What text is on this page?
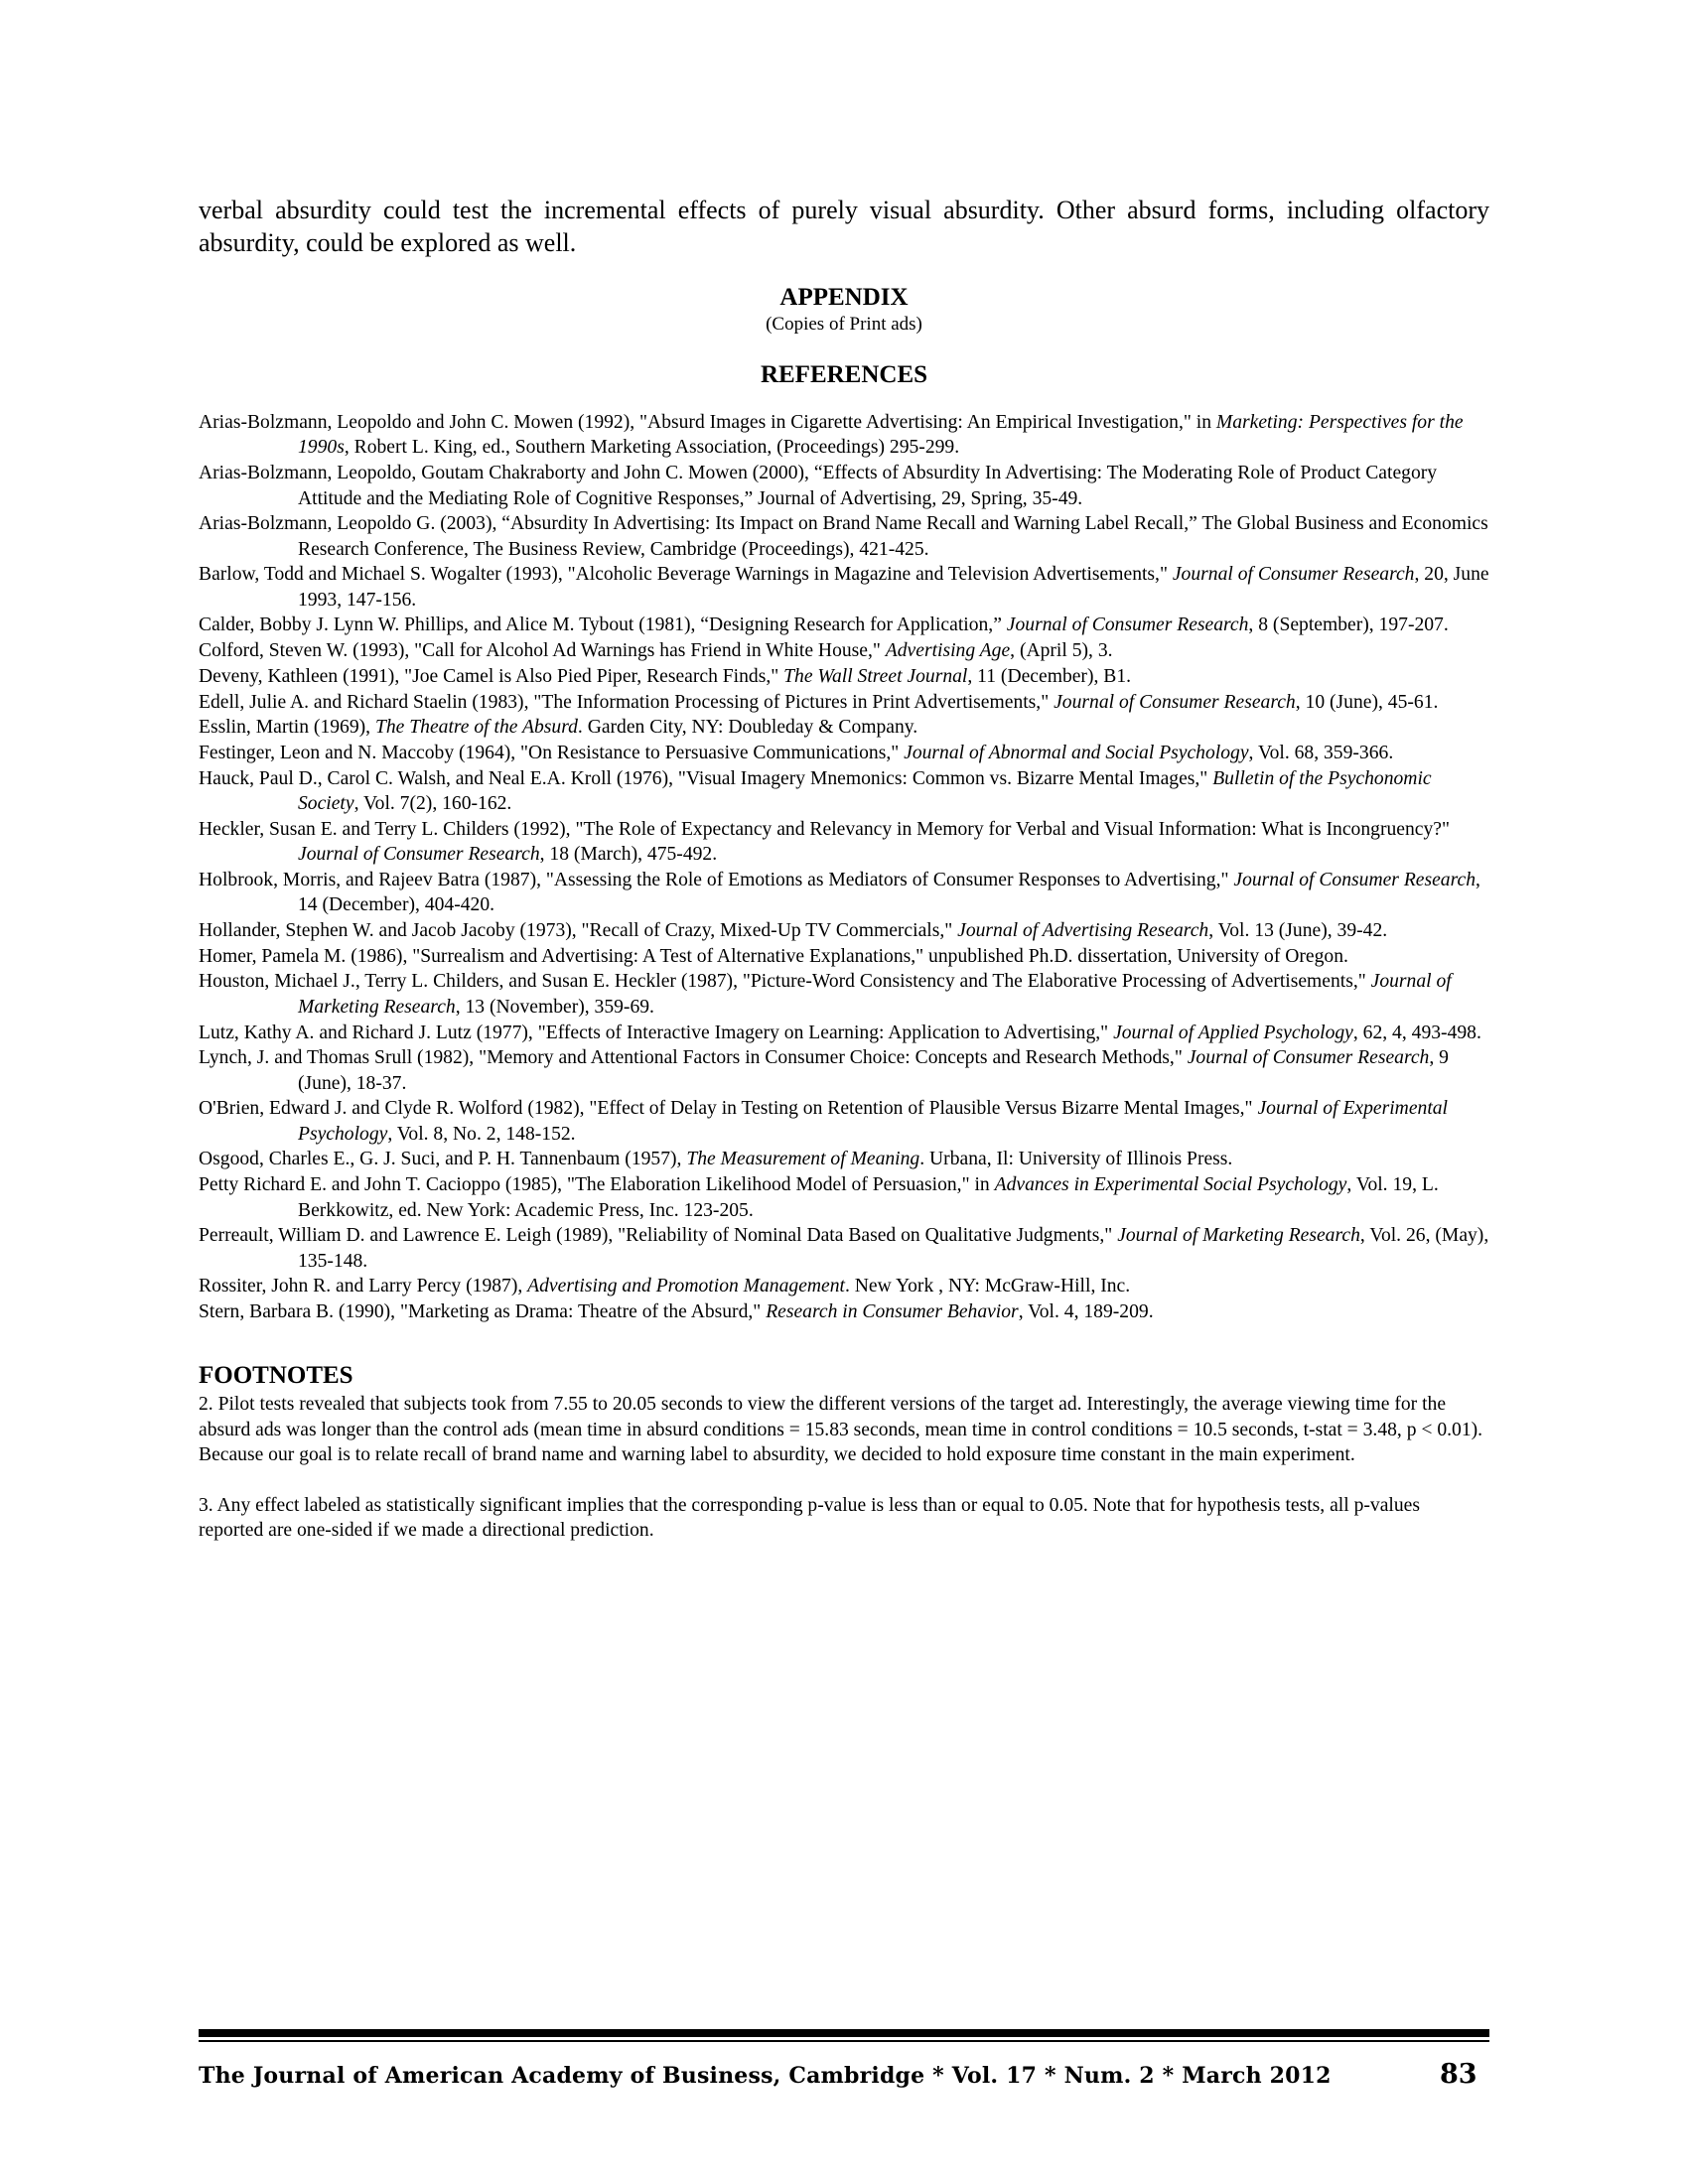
verbal absurdity could test the incremental effects of purely visual absurdity. Other absurd forms, including olfactory absurdity, could be explored as well.

APPENDIX

(Copies of Print ads)

REFERENCES
Arias-Bolzmann, Leopoldo and John C. Mowen (1992), "Absurd Images in Cigarette Advertising: An Empirical Investigation," in Marketing: Perspectives for the 1990s, Robert L. King, ed., Southern Marketing Association, (Proceedings) 295-299.
Arias-Bolzmann, Leopoldo, Goutam Chakraborty and John C. Mowen (2000), “Effects of Absurdity In Advertising: The Moderating Role of Product Category Attitude and the Mediating Role of Cognitive Responses,” Journal of Advertising, 29, Spring, 35-49.
Arias-Bolzmann, Leopoldo G. (2003), “Absurdity In Advertising: Its Impact on Brand Name Recall and Warning Label Recall,” The Global Business and Economics Research Conference, The Business Review, Cambridge (Proceedings), 421-425.
Barlow, Todd and Michael S. Wogalter (1993), "Alcoholic Beverage Warnings in Magazine and Television Advertisements," Journal of Consumer Research, 20, June 1993, 147-156.
Calder, Bobby J. Lynn W. Phillips, and Alice M. Tybout (1981), “Designing Research for Application,” Journal of Consumer Research, 8 (September), 197-207.
Colford, Steven W. (1993), "Call for Alcohol Ad Warnings has Friend in White House," Advertising Age, (April 5), 3.
Deveny, Kathleen (1991), "Joe Camel is Also Pied Piper, Research Finds," The Wall Street Journal, 11 (December), B1.
Edell, Julie A. and Richard Staelin (1983), "The Information Processing of Pictures in Print Advertisements," Journal of Consumer Research, 10 (June), 45-61.
Esslin, Martin (1969), The Theatre of the Absurd. Garden City, NY: Doubleday & Company.
Festinger, Leon and N. Maccoby (1964), "On Resistance to Persuasive Communications," Journal of Abnormal and Social Psychology, Vol. 68, 359-366.
Hauck, Paul D., Carol C. Walsh, and Neal E.A. Kroll (1976), "Visual Imagery Mnemonics: Common vs. Bizarre Mental Images," Bulletin of the Psychonomic Society, Vol. 7(2), 160-162.
Heckler, Susan E. and Terry L. Childers (1992), "The Role of Expectancy and Relevancy in Memory for Verbal and Visual Information: What is Incongruency?" Journal of Consumer Research, 18 (March), 475-492.
Holbrook, Morris, and Rajeev Batra (1987), "Assessing the Role of Emotions as Mediators of Consumer Responses to Advertising," Journal of Consumer Research, 14 (December), 404-420.
Hollander, Stephen W. and Jacob Jacoby (1973), "Recall of Crazy, Mixed-Up TV Commercials," Journal of Advertising Research, Vol. 13 (June), 39-42.
Homer, Pamela M. (1986), "Surrealism and Advertising: A Test of Alternative Explanations," unpublished Ph.D. dissertation, University of Oregon.
Houston, Michael J., Terry L. Childers, and Susan E. Heckler (1987), "Picture-Word Consistency and The Elaborative Processing of Advertisements," Journal of Marketing Research, 13 (November), 359-69.
Lutz, Kathy A. and Richard J. Lutz (1977), "Effects of Interactive Imagery on Learning: Application to Advertising," Journal of Applied Psychology, 62, 4, 493-498.
Lynch, J. and Thomas Srull (1982), "Memory and Attentional Factors in Consumer Choice: Concepts and Research Methods," Journal of Consumer Research, 9 (June), 18-37.
O'Brien, Edward J. and Clyde R. Wolford (1982), "Effect of Delay in Testing on Retention of Plausible Versus Bizarre Mental Images," Journal of Experimental Psychology, Vol. 8, No. 2, 148-152.
Osgood, Charles E., G. J. Suci, and P. H. Tannenbaum (1957), The Measurement of Meaning. Urbana, Il: University of Illinois Press.
Petty Richard E. and John T. Cacioppo (1985), "The Elaboration Likelihood Model of Persuasion," in Advances in Experimental Social Psychology, Vol. 19, L. Berkkowitz, ed. New York: Academic Press, Inc. 123-205.
Perreault, William D. and Lawrence E. Leigh (1989), "Reliability of Nominal Data Based on Qualitative Judgments," Journal of Marketing Research, Vol. 26, (May), 135-148.
Rossiter, John R. and Larry Percy (1987), Advertising and Promotion Management. New York , NY: McGraw-Hill, Inc.
Stern, Barbara B. (1990), "Marketing as Drama: Theatre of the Absurd," Research in Consumer Behavior, Vol. 4, 189-209.
FOOTNOTES

2. Pilot tests revealed that subjects took from 7.55 to 20.05 seconds to view the different versions of the target ad. Interestingly, the average viewing time for the absurd ads was longer than the control ads (mean time in absurd conditions = 15.83 seconds, mean time in control conditions = 10.5 seconds, t-stat = 3.48, p < 0.01). Because our goal is to relate recall of brand name and warning label to absurdity, we decided to hold exposure time constant in the main experiment.

3. Any effect labeled as statistically significant implies that the corresponding p-value is less than or equal to 0.05. Note that for hypothesis tests, all p-values reported are one-sided if we made a directional prediction.

The Journal of American Academy of Business, Cambridge * Vol. 17 * Num. 2 * March 2012	83
